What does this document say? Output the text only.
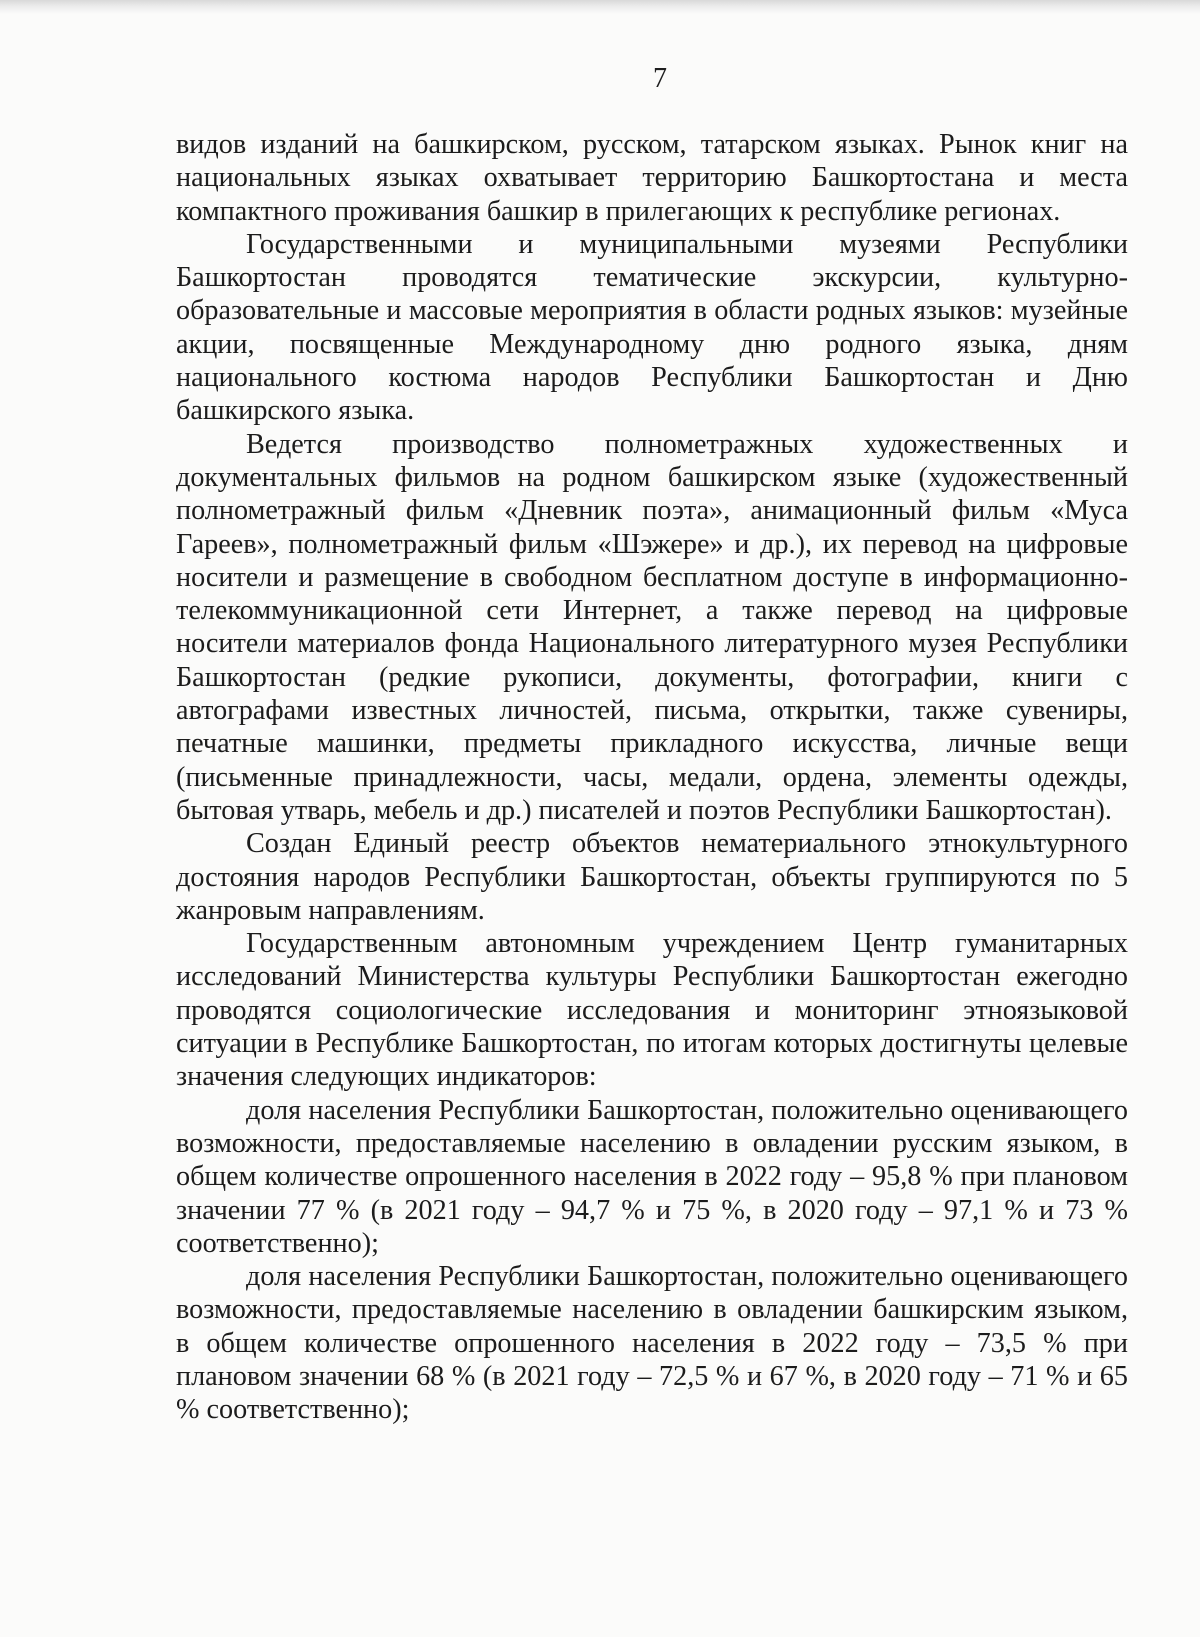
7

видов изданий на башкирском, русском, татарском языках. Рынок книг на национальных языках охватывает территорию Башкортостана и места компактного проживания башкир в прилегающих к республике регионах.

Государственными и муниципальными музеями Республики Башкортостан проводятся тематические экскурсии, культурно-образовательные и массовые мероприятия в области родных языков: музейные акции, посвященные Международному дню родного языка, дням национального костюма народов Республики Башкортостан и Дню башкирского языка.

Ведется производство полнометражных художественных и документальных фильмов на родном башкирском языке (художественный полнометражный фильм «Дневник поэта», анимационный фильм «Муса Гареев», полнометражный фильм «Шэжере» и др.), их перевод на цифровые носители и размещение в свободном бесплатном доступе в информационно-телекоммуникационной сети Интернет, а также перевод на цифровые носители материалов фонда Национального литературного музея Республики Башкортостан (редкие рукописи, документы, фотографии, книги с автографами известных личностей, письма, открытки, также сувениры, печатные машинки, предметы прикладного искусства, личные вещи (письменные принадлежности, часы, медали, ордена, элементы одежды, бытовая утварь, мебель и др.) писателей и поэтов Республики Башкортостан).

Создан Единый реестр объектов нематериального этнокультурного достояния народов Республики Башкортостан, объекты группируются по 5 жанровым направлениям.

Государственным автономным учреждением Центр гуманитарных исследований Министерства культуры Республики Башкортостан ежегодно проводятся социологические исследования и мониторинг этноязыковой ситуации в Республике Башкортостан, по итогам которых достигнуты целевые значения следующих индикаторов:

доля населения Республики Башкортостан, положительно оценивающего возможности, предоставляемые населению в овладении русским языком, в общем количестве опрошенного населения в 2022 году – 95,8 % при плановом значении 77 % (в 2021 году – 94,7 % и 75 %, в 2020 году – 97,1 % и 73 % соответственно);

доля населения Республики Башкортостан, положительно оценивающего возможности, предоставляемые населению в овладении башкирским языком, в общем количестве опрошенного населения в 2022 году – 73,5 % при плановом значении 68 % (в 2021 году – 72,5 % и 67 %, в 2020 году – 71 % и 65 % соответственно);
